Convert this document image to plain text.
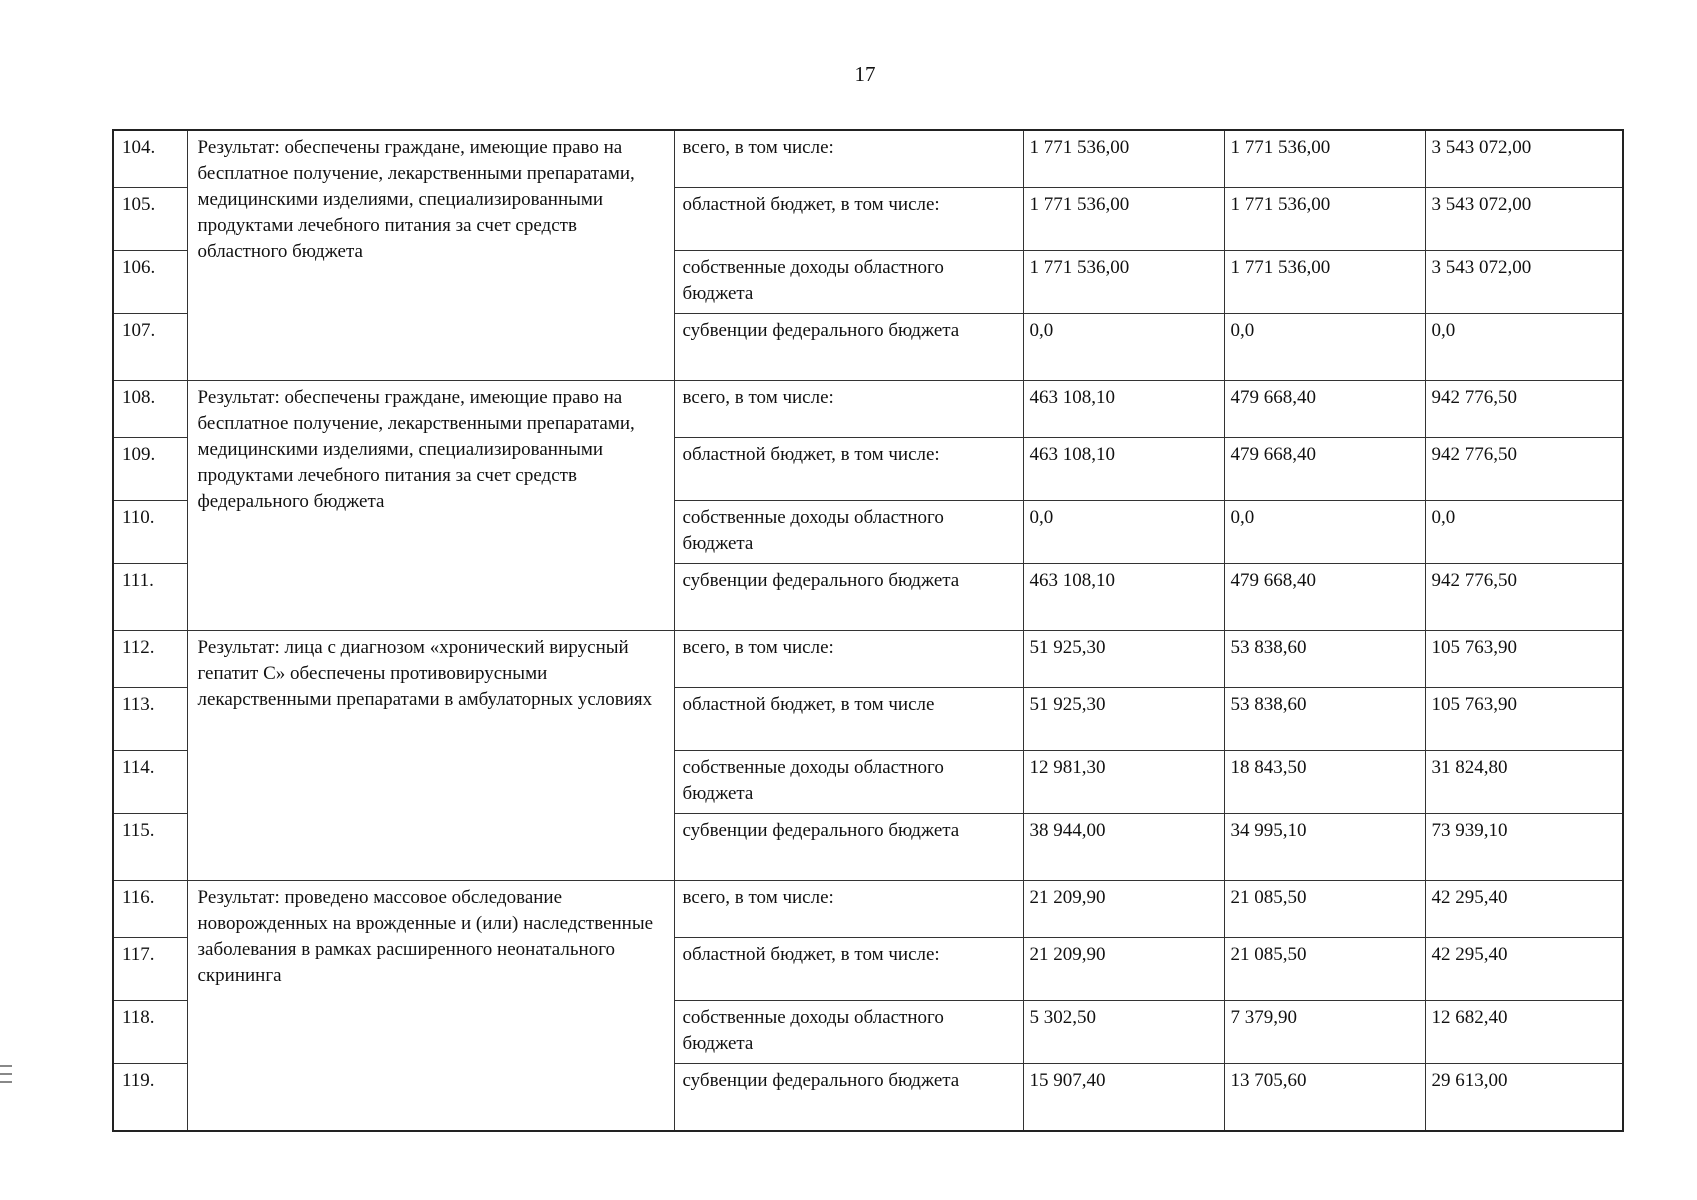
17
104.	Результат: обеспечены граждане, имеющие право на бесплатное получение, лекарственными препаратами, медицинскими изделиями, специализированными продуктами лечебного питания за счет средств областного бюджета	всего, в том числе:	1 771 536,00	1 771 536,00	3 543 072,00
105.		областной бюджет, в том числе:	1 771 536,00	1 771 536,00	3 543 072,00
106.		собственные доходы областного бюджета	1 771 536,00	1 771 536,00	3 543 072,00
107.		субвенции федерального бюджета	0,0	0,0	0,0
108.	Результат: обеспечены граждане, имеющие право на бесплатное получение, лекарственными препаратами, медицинскими изделиями, специализированными продуктами лечебного питания за счет средств федерального бюджета	всего, в том числе:	463 108,10	479 668,40	942 776,50
109.		областной бюджет, в том числе:	463 108,10	479 668,40	942 776,50
110.		собственные доходы областного бюджета	0,0	0,0	0,0
111.		субвенции федерального бюджета	463 108,10	479 668,40	942 776,50
112.	Результат: лица с диагнозом «хронический вирусный гепатит С» обеспечены противовирусными лекарственными препаратами в амбулаторных условиях	всего, в том числе:	51 925,30	53 838,60	105 763,90
113.		областной бюджет, в том числе	51 925,30	53 838,60	105 763,90
114.		собственные доходы областного бюджета	12 981,30	18 843,50	31 824,80
115.		субвенции федерального бюджета	38 944,00	34 995,10	73 939,10
116.	Результат: проведено массовое обследование новорожденных на врожденные и (или) наследственные заболевания в рамках расширенного неонатального скрининга	всего, в том числе:	21 209,90	21 085,50	42 295,40
117.		областной бюджет, в том числе:	21 209,90	21 085,50	42 295,40
118.		собственные доходы областного бюджета	5 302,50	7 379,90	12 682,40
119.		субвенции федерального бюджета	15 907,40	13 705,60	29 613,00
